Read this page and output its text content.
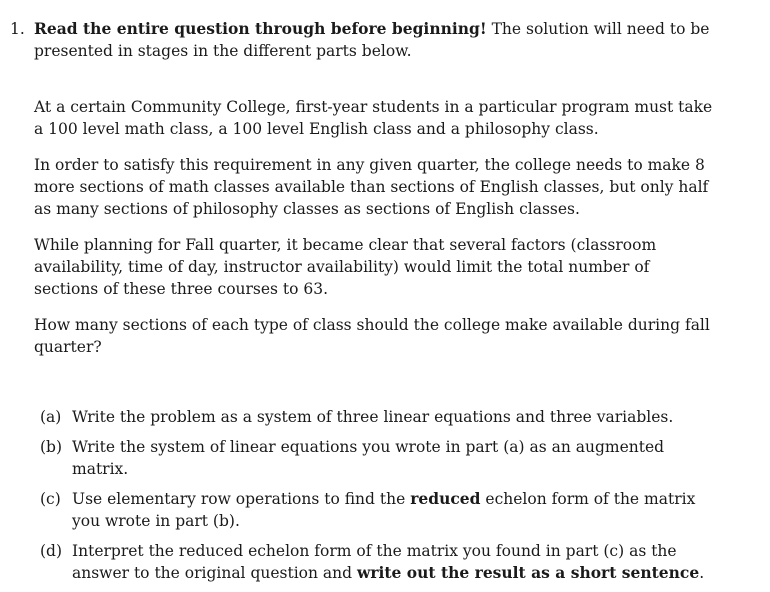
1. Read the entire question through before beginning! The solution will need to be presented in stages in the different parts below.

At a certain Community College, first-year students in a particular program must take a 100 level math class, a 100 level English class and a philosophy class.

In order to satisfy this requirement in any given quarter, the college needs to make 8 more sections of math classes available than sections of English classes, but only half as many sections of philosophy classes as sections of English classes.

While planning for Fall quarter, it became clear that several factors (classroom availability, time of day, instructor availability) would limit the total number of sections of these three courses to 63.

How many sections of each type of class should the college make available during fall quarter?

(a) Write the problem as a system of three linear equations and three variables.
(b) Write the system of linear equations you wrote in part (a) as an augmented matrix.
(c) Use elementary row operations to find the reduced echelon form of the matrix you wrote in part (b).
(d) Interpret the reduced echelon form of the matrix you found in part (c) as the answer to the original question and write out the result as a short sentence.
